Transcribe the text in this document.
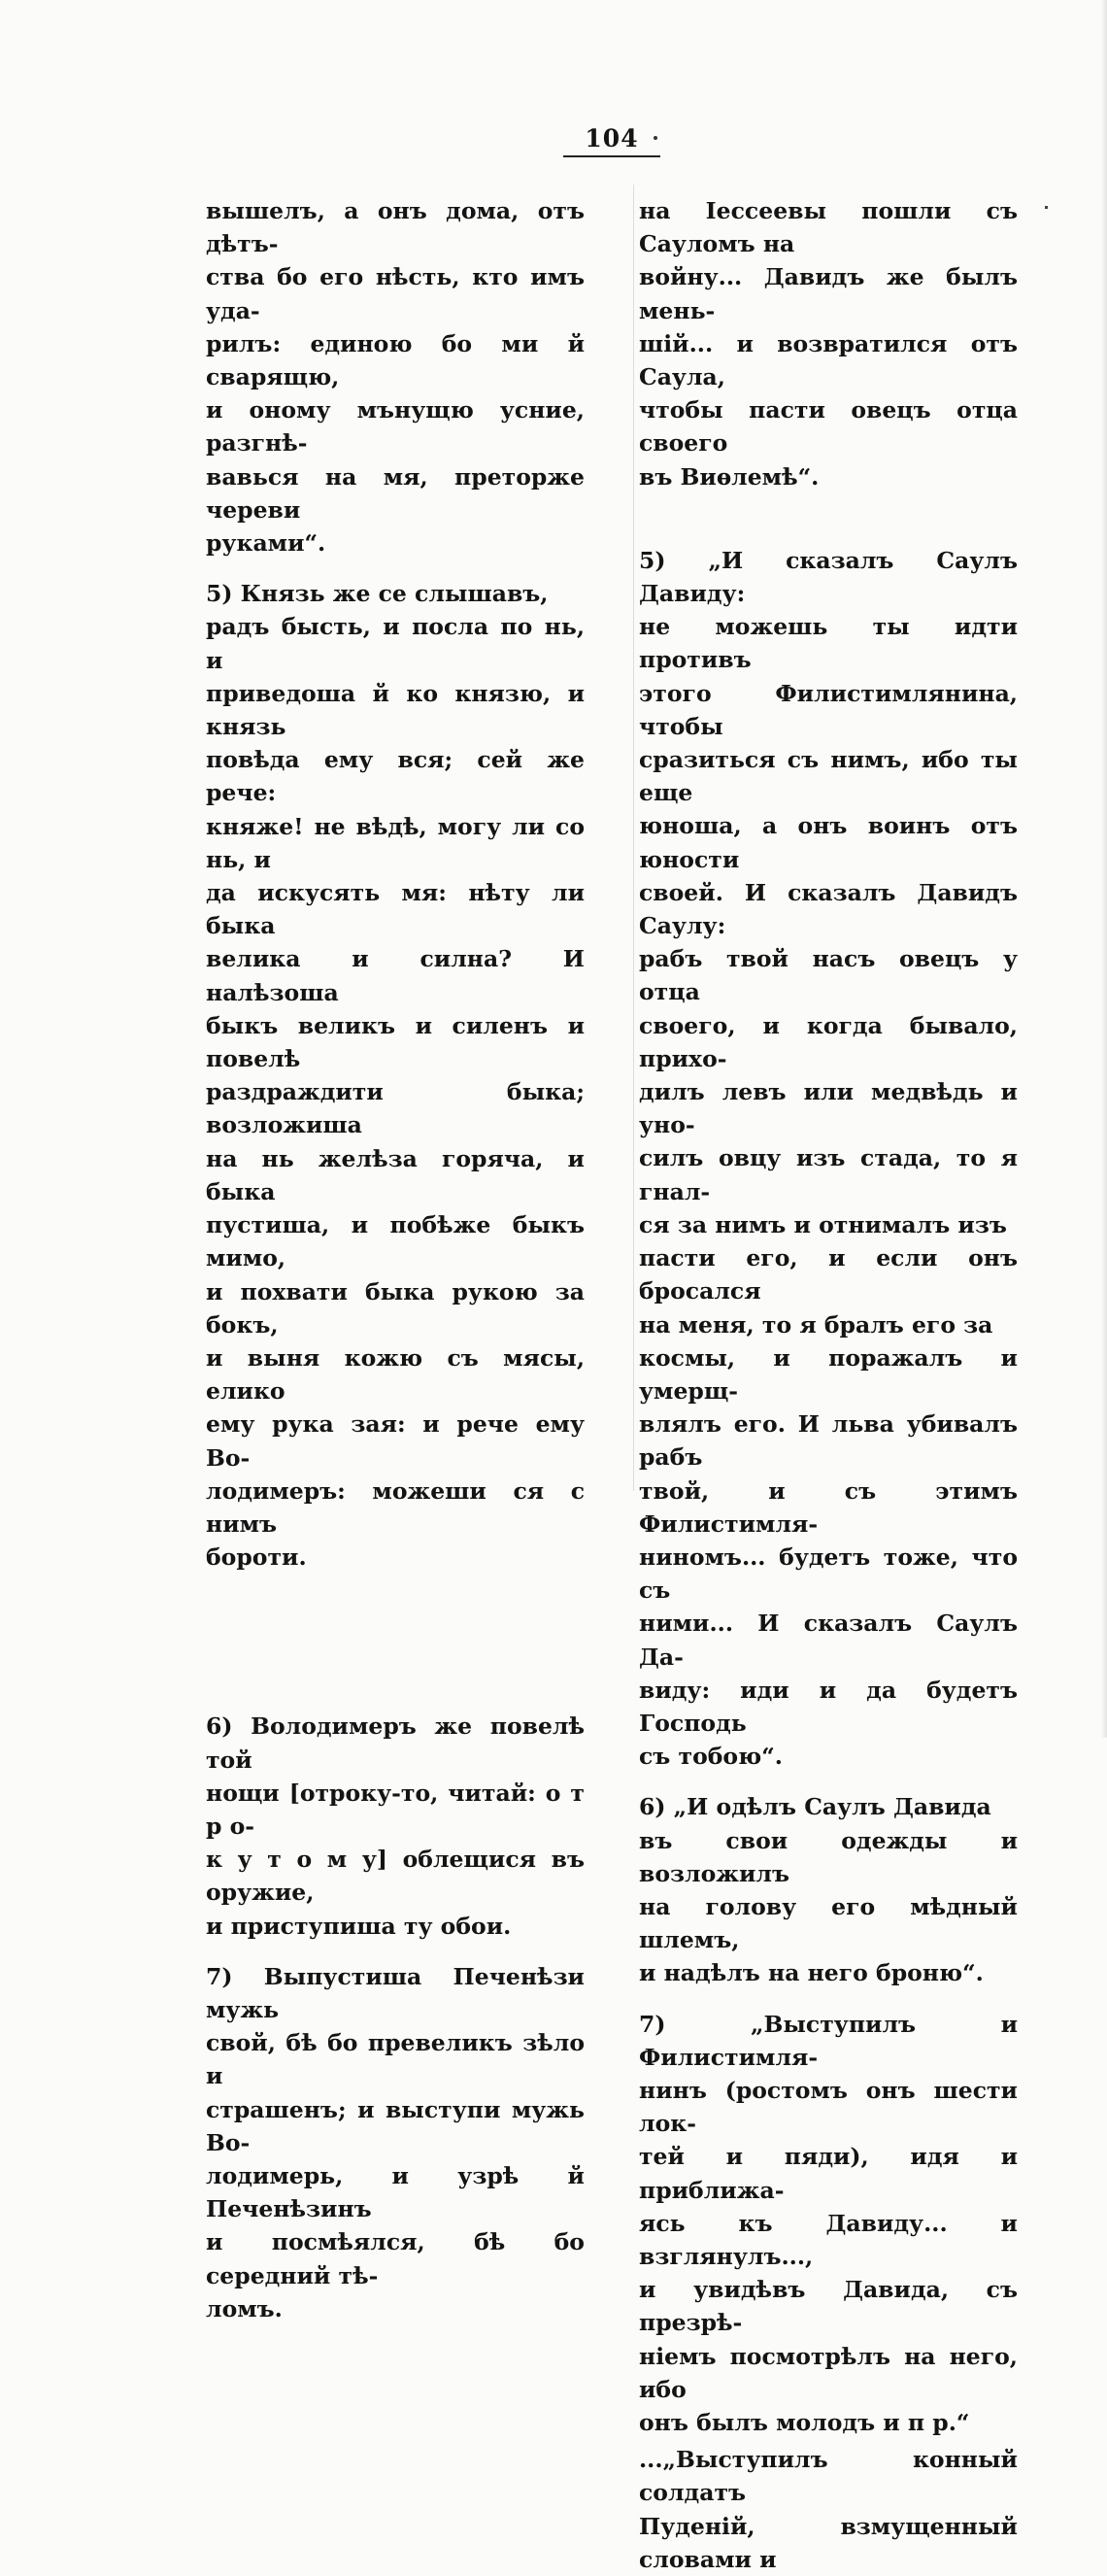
104
вышелъ, а онъ дома, отъ дѣтъ-
ства бо его нѣсть, кто имъ уда-
рилъ: единою бо ми й сварящю,
и оному мънущю усние, разгнѣ-
вавься на мя, преторже череви
руками“.
5) Князь же се слышавъ,
радъ бысть, и посла по нь, и
приведоша й ко князю, и князь
повѣда ему вся; сей же рече:
княже! не вѣдѣ, могу ли со нь, и
да искусять мя: нѣту ли быка
велика и силна? И налѣзоша
быкъ великъ и силенъ и повелѣ
раздраждити быка; возложиша
на нь желѣза горяча, и быка
пустиша, и побѣже быкъ мимо,
и похвати быка рукою за бокъ,
и выня кожю съ мясы, елико
ему рука зая: и рече ему Во-
лодимеръ: можеши ся с нимъ
бороти.
6) Володимеръ же повелѣ той
нощи [отроку-то, читай: о т р о-
к у т о м у] облещися въ оружие,
и приступиша ту обои.
7) Выпустиша Печенѣзи мужь
свой, бѣ бо превеликъ зѣло и
страшенъ; и выступи мужь Во-
лодимерь, и узрѣ й Печенѣзинъ
и посмѣялся, бѣ бо середний тѣ-
ломъ.
на Іессеевы пошли съ Сауломъ на
войну... Давидъ же былъ мень-
шій... и возвратился отъ Саула,
чтобы пасти овецъ отца своего
въ Виѳлемѣ“.
5) „И сказалъ Саулъ Давиду:
не можешь ты идти противъ
этого Филистимлянина, чтобы
сразиться съ нимъ, ибо ты еще
юноша, а онъ воинъ отъ юности
своей. И сказалъ Давидъ Саулу:
рабъ твой насъ овецъ у отца
своего, и когда бывало, прихо-
дилъ левъ или медвѣдь и уно-
силъ овцу изъ стада, то я гнал-
ся за нимъ и отнималъ изъ
пасти его, и если онъ бросался
на меня, то я бралъ его за
космы, и поражалъ и умерщ-
влялъ его. И льва убивалъ рабъ
твой, и съ этимъ Филистимля-
ниномъ... будетъ тоже, что съ
ними... И сказалъ Саулъ Да-
виду: иди и да будетъ Господь
съ тобою“.
6) „И одѣлъ Саулъ Давида
въ свои одежды и возложилъ
на голову его мѣдный шлемъ,
и надѣлъ на него броню“.
7) „Выступилъ и Филистимля-
нинъ (ростомъ онъ шести лок-
тей и пяди), идя и приближа-
ясь къ Давиду... и взглянулъ...,
и увидѣвъ Давида, съ презрѣ-
ніемъ посмотрѣлъ на него, ибо
онъ былъ молодъ и п р.“
...„Выступилъ конный солдатъ
Пуденій, взмущенный словами и
